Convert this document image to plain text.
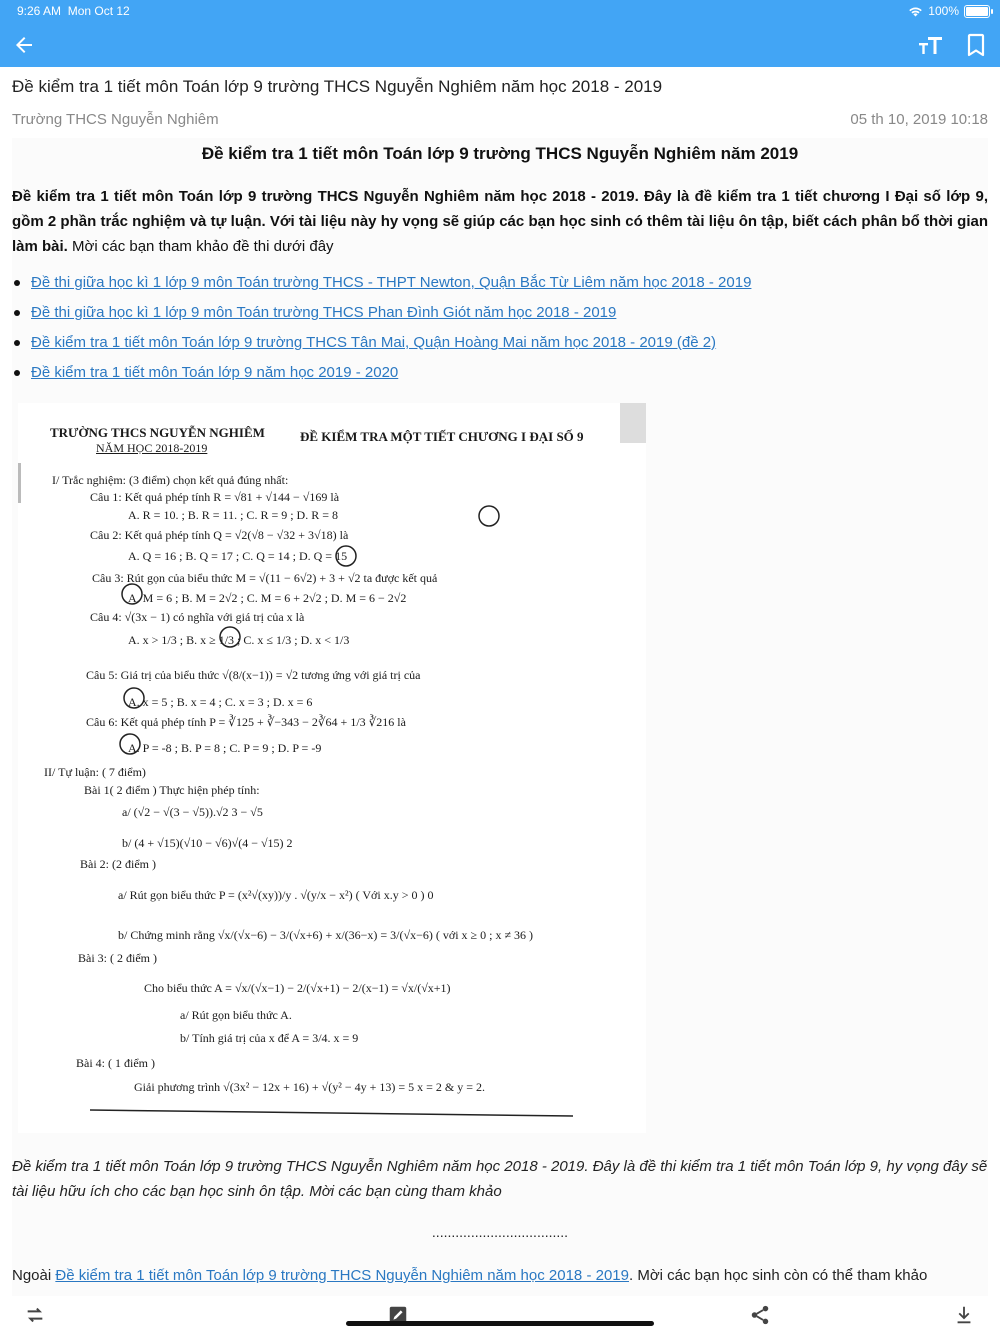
9:26 AM Mon Oct 12	100%
Đề kiểm tra 1 tiết môn Toán lớp 9 trường THCS Nguyễn Nghiêm năm học 2018 - 2019
Trường THCS Nguyễn Nghiêm	05 th 10, 2019 10:18
Đề kiểm tra 1 tiết môn Toán lớp 9 trường THCS Nguyễn Nghiêm năm 2019
Đề kiểm tra 1 tiết môn Toán lớp 9 trường THCS Nguyễn Nghiêm năm học 2018 - 2019. Đây là đề kiểm tra 1 tiết chương I Đại số lớp 9, gồm 2 phần trắc nghiệm và tự luận. Với tài liệu này hy vọng sẽ giúp các bạn học sinh có thêm tài liệu ôn tập, biết cách phân bổ thời gian làm bài. Mời các bạn tham khảo đề thi dưới đây
Đề thi giữa học kì 1 lớp 9 môn Toán trường THCS - THPT Newton, Quận Bắc Từ Liêm năm học 2018 - 2019
Đề thi giữa học kì 1 lớp 9 môn Toán trường THCS Phan Đình Giót năm học 2018 - 2019
Đề kiểm tra 1 tiết môn Toán lớp 9 trường THCS Tân Mai, Quận Hoàng Mai năm học 2018 - 2019 (đề 2)
Đề kiểm tra 1 tiết môn Toán lớp 9 năm học 2019 - 2020
TRƯỜNG THCS NGUYỄN NGHIÊM
NĂM HỌC 2018-2019
ĐỀ KIỂM TRA MỘT TIẾT CHƯƠNG I ĐẠI SỐ 9
I/ Trắc nghiệm: (3 điểm) chọn kết quả đúng nhất:
Câu 1: Kết quả phép tính R = √81 + √144 − √169 là
A. R = 10. ; B. R = 11. ; C. R = 9 ; D. R = 8
Câu 2: Kết quả phép tính Q = √2(√8 − √32 + 3√18) là
A. Q = 16 ; B. Q = 17 ; C. Q = 14 ; D. Q = 15
Câu 3: Rút gọn của biểu thức M = √(11 − 6√2) + 3 + √2 ta được kết quả
A. M = 6 ; B. M = 2√2 ; C. M = 6 + 2√2 ; D. M = 6 − 2√2
Câu 4: √(3x − 1) có nghĩa với giá trị của x là
A. x > 1/3 ; B. x ≥ 1/3 ; C. x ≤ 1/3 ; D. x < 1/3
Câu 5: Giá trị của biểu thức √(8/(x−1)) = √2 tương ứng với giá trị của
A. x = 5 ; B. x = 4 ; C. x = 3 ; D. x = 6
Câu 6: Kết quả phép tính P = ∛125 + ∛−343 − 2∛64 + 1/3 ∛216 là
A. P = -8 ; B. P = 8 ; C. P = 9 ; D. P = -9
II/ Tự luận: ( 7 điểm)
Bài 1( 2 điểm ) Thực hiện phép tính:
a/ (√2 − √(3 − √5)).√2 3 − √5
b/ (4 + √15)(√10 − √6)√(4 − √15) 2
Bài 2: (2 điểm )
a/ Rút gọn biểu thức P = (x²√(xy))/y . √(y/x − x²) ( Với x.y > 0 ) 0
b/ Chứng minh rằng √x/(√x−6) − 3/(√x+6) + x/(36−x) = 3/(√x−6) ( với x ≥ 0 ; x ≠ 36 )
Bài 3: ( 2 điểm )
Cho biểu thức A = √x/(√x−1) − 2/(√x+1) − 2/(x−1) = √x/(√x+1)
a/ Rút gọn biểu thức A.
b/ Tính giá trị của x để A = 3/4. x = 9
Bài 4: ( 1 điểm )
Giải phương trình √(3x² − 12x + 16) + √(y² − 4y + 13) = 5 x = 2 & y = 2.
Đề kiểm tra 1 tiết môn Toán lớp 9 trường THCS Nguyễn Nghiêm năm học 2018 - 2019. Đây là đề thi kiểm tra 1 tiết môn Toán lớp 9, hy vọng đây sẽ tài liệu hữu ích cho các bạn học sinh ôn tập. Mời các bạn cùng tham khảo
...................................
Ngoài Đề kiểm tra 1 tiết môn Toán lớp 9 trường THCS Nguyễn Nghiêm năm học 2018 - 2019. Mời các bạn học sinh còn có thể tham khảo
